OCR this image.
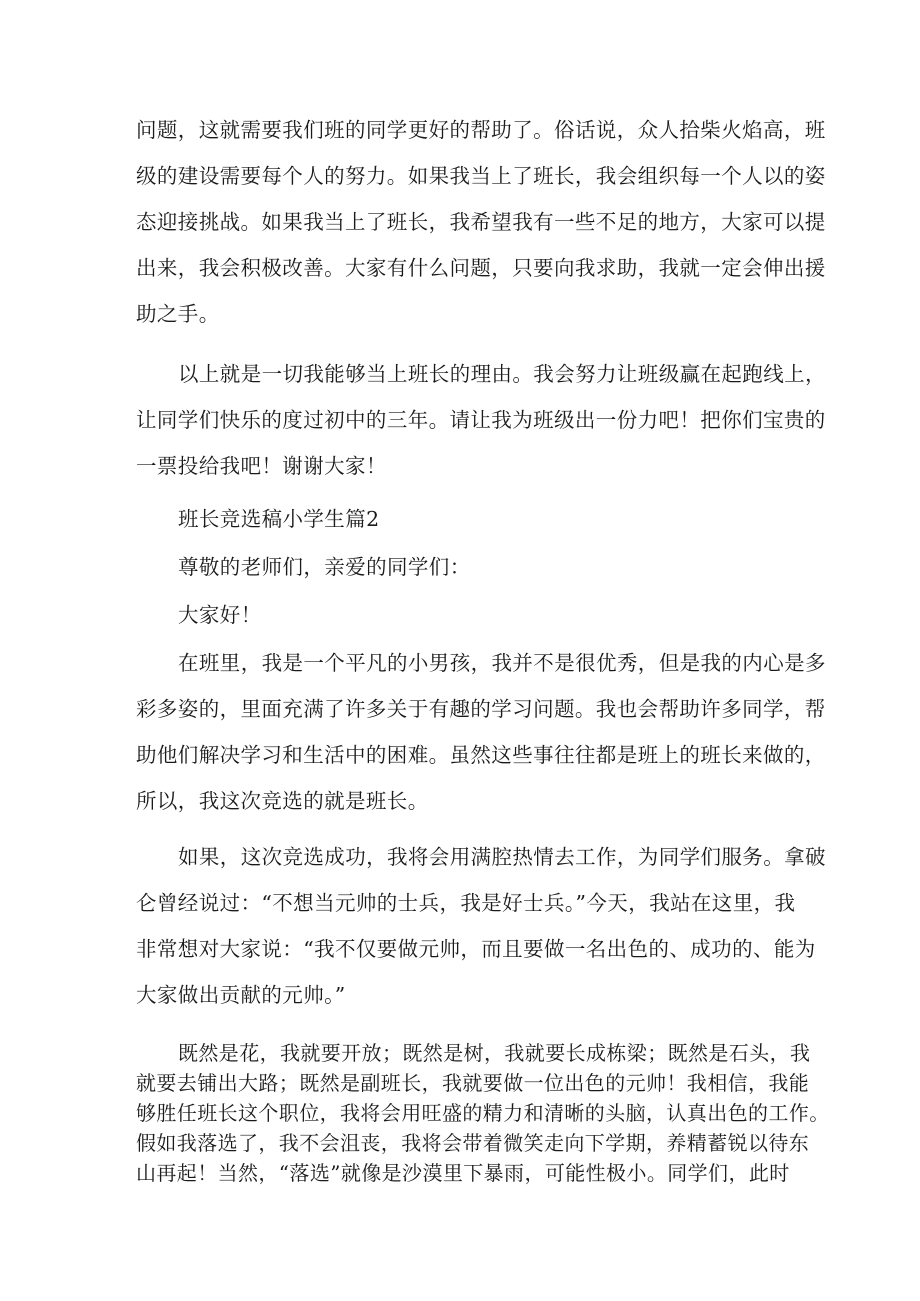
问题，这就需要我们班的同学更好的帮助了。俗话说，众人拾柴火焰高，班
级的建设需要每个人的努力。如果我当上了班长，我会组织每一个人以的姿
态迎接挑战。如果我当上了班长，我希望我有一些不足的地方，大家可以提
出来，我会积极改善。大家有什么问题，只要向我求助，我就一定会伸出援
助之手。
以上就是一切我能够当上班长的理由。我会努力让班级赢在起跑线上，
让同学们快乐的度过初中的三年。请让我为班级出一份力吧！把你们宝贵的
一票投给我吧！谢谢大家！
班长竞选稿小学生篇2
尊敬的老师们，亲爱的同学们：
大家好！
在班里，我是一个平凡的小男孩，我并不是很优秀，但是我的内心是多
彩多姿的，里面充满了许多关于有趣的学习问题。我也会帮助许多同学，帮
助他们解决学习和生活中的困难。虽然这些事往往都是班上的班长来做的，
所以，我这次竞选的就是班长。
如果，这次竞选成功，我将会用满腔热情去工作，为同学们服务。拿破
仑曾经说过：“不想当元帅的士兵，我是好士兵。”今天，我站在这里，我
非常想对大家说：“我不仅要做元帅，而且要做一名出色的、成功的、能为
大家做出贡献的元帅。”
既然是花，我就要开放；既然是树，我就要长成栋梁；既然是石头，我
就要去铺出大路；既然是副班长，我就要做一位出色的元帅！我相信，我能
够胜任班长这个职位，我将会用旺盛的精力和清晰的头脑，认真出色的工作。
假如我落选了，我不会沮丧，我将会带着微笑走向下学期，养精蓄锐以待东
山再起！当然，“落选”就像是沙漠里下暴雨，可能性极小。同学们，此时
